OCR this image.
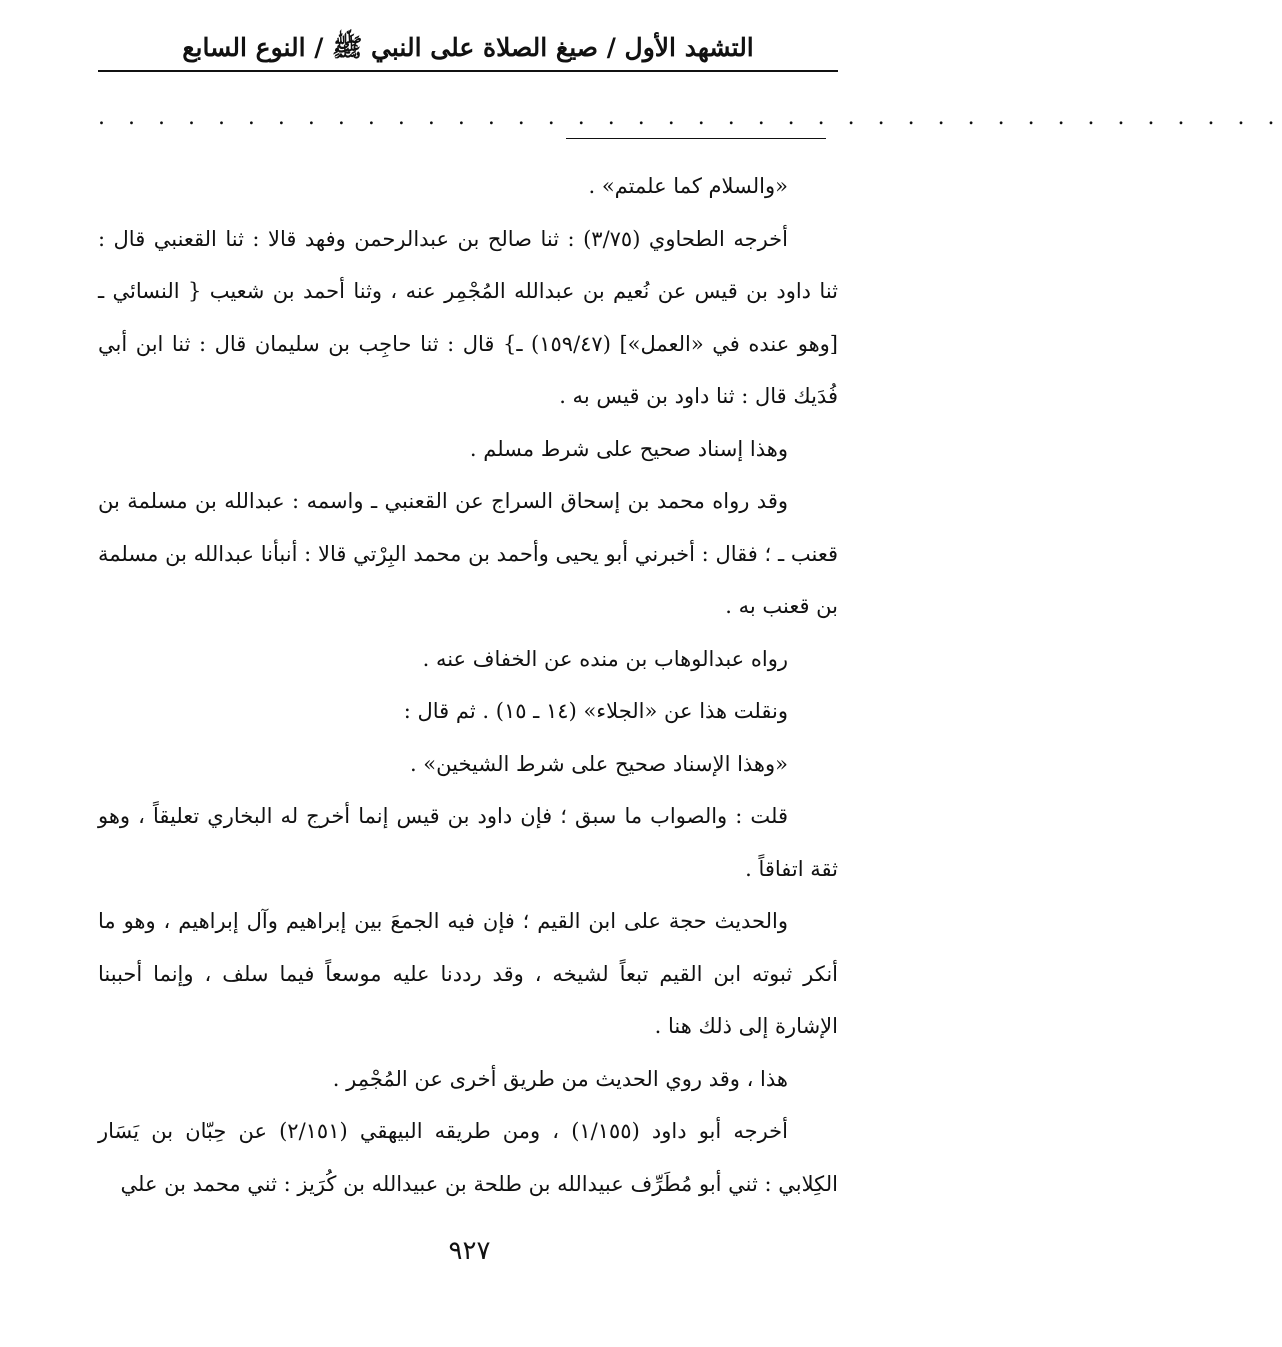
التشهد الأول / صيغ الصلاة على النبي ﷺ / النوع السابع
. . . . . . . . . . . . . . . . . . . . . . . . . . . . . . . . . . . . . . . .

«والسلام كما علمتم» .

أخرجه الطحاوي (٣/٧٥) : ثنا صالح بن عبدالرحمن وفهد قالا : ثنا القعنبي قال : ثنا داود بن قيس عن نُعيم بن عبدالله المُجْمِر عنه ، وثنا أحمد بن شعيب { النسائي ـ [وهو عنده في «العمل»] (١٥٩/٤٧) ـ} قال : ثنا حاجِب بن سليمان قال : ثنا ابن أبي فُدَيك قال : ثنا داود بن قيس به .

وهذا إسناد صحيح على شرط مسلم .

وقد رواه محمد بن إسحاق السراج عن القعنبي ـ واسمه : عبدالله بن مسلمة بن قعنب ـ ؛ فقال : أخبرني أبو يحيى وأحمد بن محمد البِرْتي قالا : أنبأنا عبدالله بن مسلمة بن قعنب به .

رواه عبدالوهاب بن منده عن الخفاف عنه .

ونقلت هذا عن «الجلاء» (١٤ ـ ١٥) . ثم قال :

«وهذا الإسناد صحيح على شرط الشيخين» .

قلت : والصواب ما سبق ؛ فإن داود بن قيس إنما أخرج له البخاري تعليقاً ، وهو ثقة اتفاقاً .

والحديث حجة على ابن القيم ؛ فإن فيه الجمعَ بين إبراهيم وآل إبراهيم ، وهو ما أنكر ثبوته ابن القيم تبعاً لشيخه ، وقد رددنا عليه موسعاً فيما سلف ، وإنما أحببنا الإشارة إلى ذلك هنا .

هذا ، وقد روي الحديث من طريق أخرى عن المُجْمِر .

أخرجه أبو داود (١/١٥٥) ، ومن طريقه البيهقي (٢/١٥١) عن حِبّان بن يَسَار الكِلابي : ثني أبو مُطَرِّف عبيدالله بن طلحة بن عبيدالله بن كُرَيز : ثني محمد بن علي

٩٢٧
